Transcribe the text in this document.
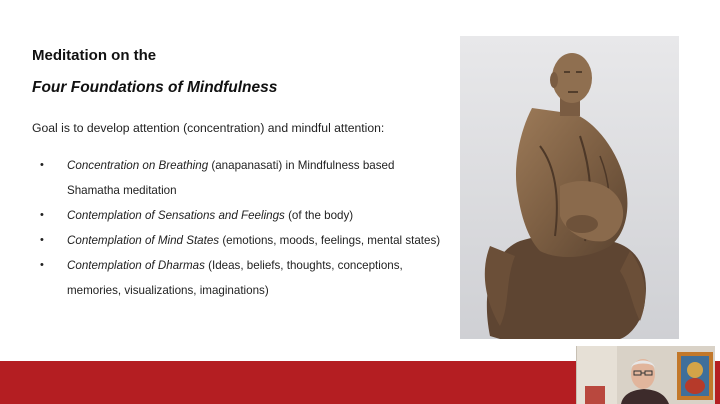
Meditation on the
Four Foundations of Mindfulness
Goal is to develop attention (concentration) and mindful attention:
• Concentration on Breathing (anapanasati) in Mindfulness based Shamatha meditation
• Contemplation of Sensations and Feelings (of the body)
• Contemplation of Mind States (emotions, moods, feelings, mental states)
• Contemplation of Dharmas (Ideas, beliefs, thoughts, conceptions, memories, visualizations, imaginations)
